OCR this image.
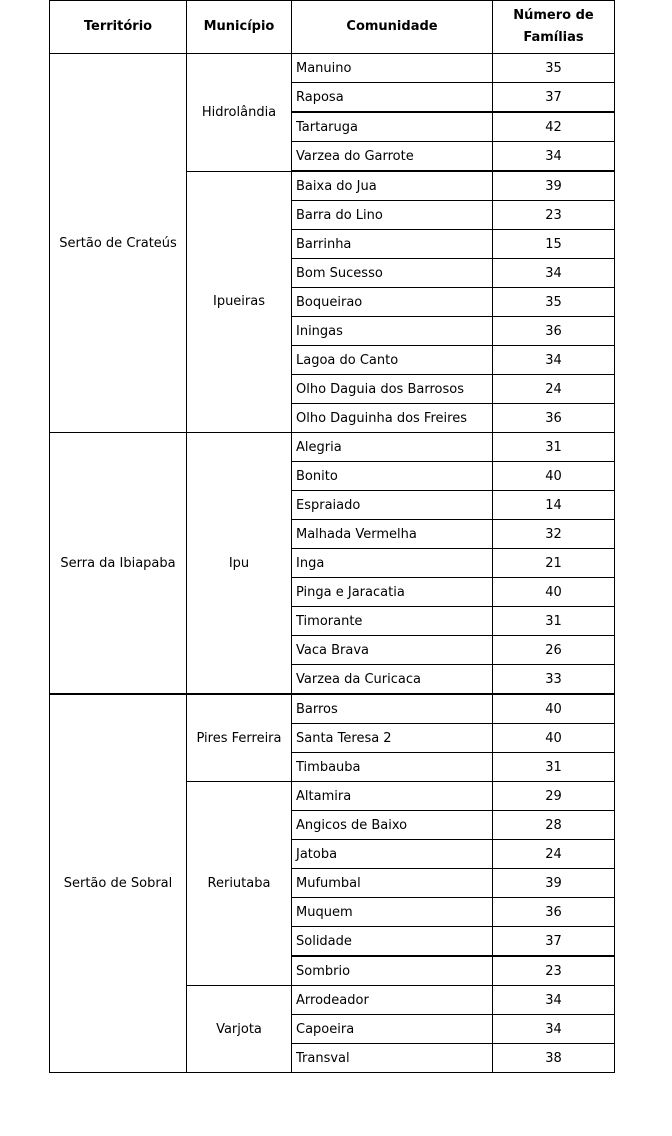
Território	Município	Comunidade	Número de
Famílias
Sertão de Crateús	Hidrolândia	Manuino	35
		Raposa	37
		Tartaruga	42
		Varzea do Garrote	34
	Ipueiras	Baixa do Jua	39
		Barra do Lino	23
		Barrinha	15
		Bom Sucesso	34
		Boqueirao	35
		Iningas	36
		Lagoa do Canto	34
		Olho Daguia dos Barrosos	24
		Olho Daguinha dos Freires	36
Serra da Ibiapaba	Ipu	Alegria	31
		Bonito	40
		Espraiado	14
		Malhada Vermelha	32
		Inga	21
		Pinga e Jaracatia	40
		Timorante	31
		Vaca Brava	26
		Varzea da Curicaca	33
Sertão de Sobral	Pires Ferreira	Barros	40
		Santa Teresa 2	40
		Timbauba	31
	Reriutaba	Altamira	29
		Angicos de Baixo	28
		Jatoba	24
		Mufumbal	39
		Muquem	36
		Solidade	37
		Sombrio	23
	Varjota	Arrodeador	34
		Capoeira	34
		Transval	38
